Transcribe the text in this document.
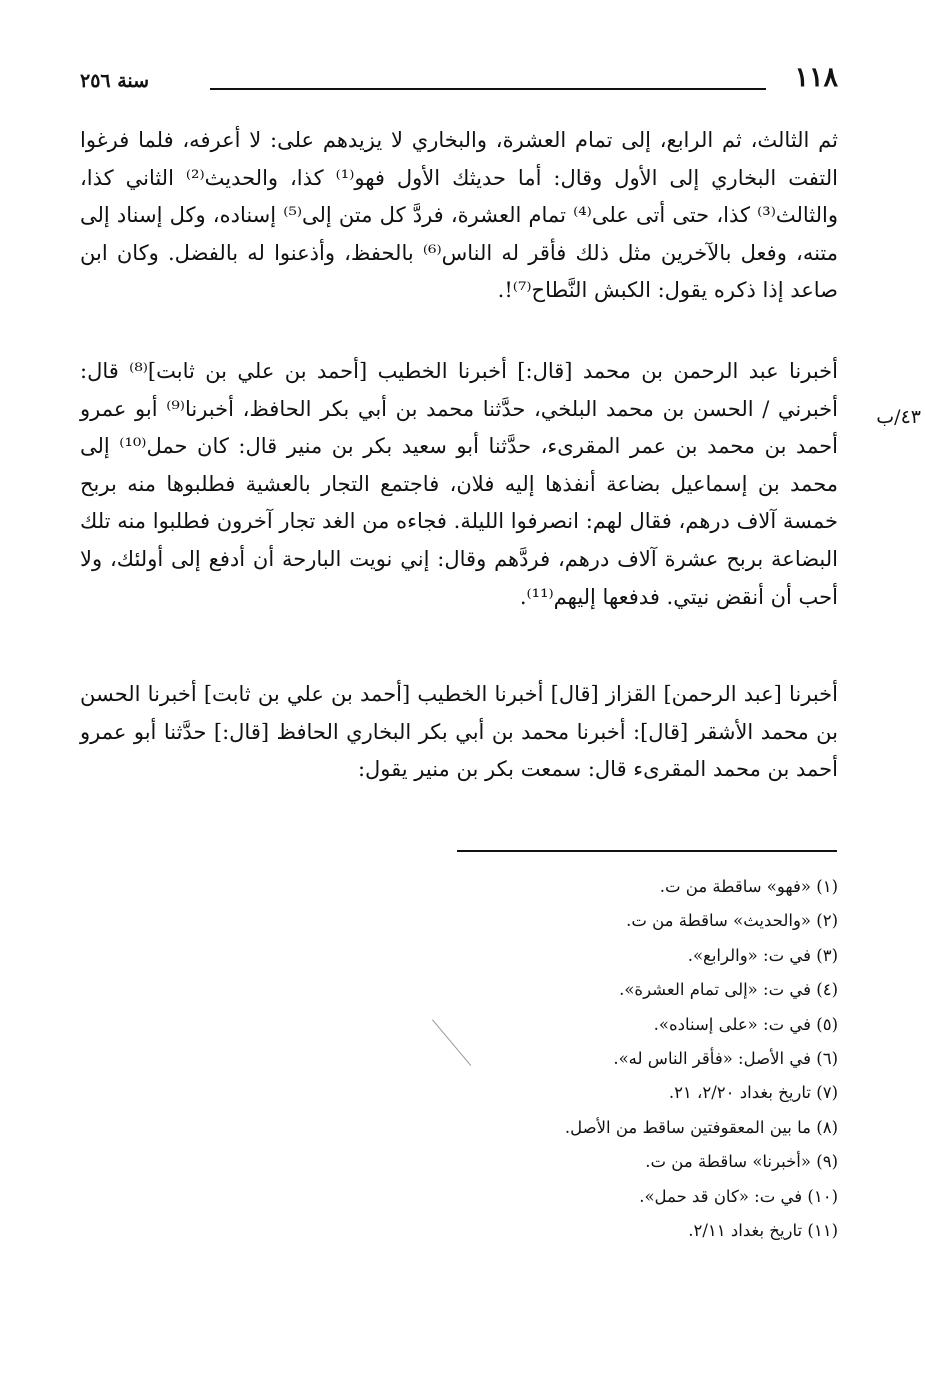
١١٨
سنة ٢٥٦
ثم الثالث، ثم الرابع، إلى تمام العشرة، والبخاري لا يزيدهم على: لا أعرفه، فلما فرغوا التفت البخاري إلى الأول وقال: أما حديثك الأول فهو⁽¹⁾ كذا، والحديث⁽²⁾ الثاني كذا، والثالث⁽³⁾ كذا، حتى أتى على⁽⁴⁾ تمام العشرة، فردَّ كل متن إلى⁽⁵⁾ إسناده، وكل إسناد إلى متنه، وفعل بالآخرين مثل ذلك فأقر له الناس⁽⁶⁾ بالحفظ، وأذعنوا له بالفضل. وكان ابن صاعد إذا ذكره يقول: الكبش النَّطاح⁽⁷⁾!.
أخبرنا عبد الرحمن بن محمد [قال:] أخبرنا الخطيب [أحمد بن علي بن ثابت]⁽⁸⁾ قال: أخبرني / الحسن بن محمد البلخي، حدَّثنا محمد بن أبي بكر الحافظ، أخبرنا⁽⁹⁾ أبو عمرو أحمد بن محمد بن عمر المقرىء، حدَّثنا أبو سعيد بكر بن منير قال: كان حمل⁽¹⁰⁾ إلى محمد بن إسماعيل بضاعة أنفذها إليه فلان، فاجتمع التجار بالعشية فطلبوها منه بربح خمسة آلاف درهم، فقال لهم: انصرفوا الليلة. فجاءه من الغد تجار آخرون فطلبوا منه تلك البضاعة بربح عشرة آلاف درهم، فردَّهم وقال: إني نويت البارحة أن أدفع إلى أولئك، ولا أحب أن أنقض نيتي. فدفعها إليهم⁽¹¹⁾.
أخبرنا [عبد الرحمن] القزاز [قال] أخبرنا الخطيب [أحمد بن علي بن ثابت] أخبرنا الحسن بن محمد الأشقر [قال]: أخبرنا محمد بن أبي بكر البخاري الحافظ [قال:] حدَّثنا أبو عمرو أحمد بن محمد المقرىء قال: سمعت بكر بن منير يقول:
٤٣/ب
(١) «فهو» ساقطة من ت.
(٢) «والحديث» ساقطة من ت.
(٣) في ت: «والرابع».
(٤) في ت: «إلى تمام العشرة».
(٥) في ت: «على إسناده».
(٦) في الأصل: «فأقر الناس له».
(٧) تاريخ بغداد ٢/٢٠، ٢١.
(٨) ما بين المعقوفتين ساقط من الأصل.
(٩) «أخبرنا» ساقطة من ت.
(١٠) في ت: «كان قد حمل».
(١١) تاريخ بغداد ٢/١١.
